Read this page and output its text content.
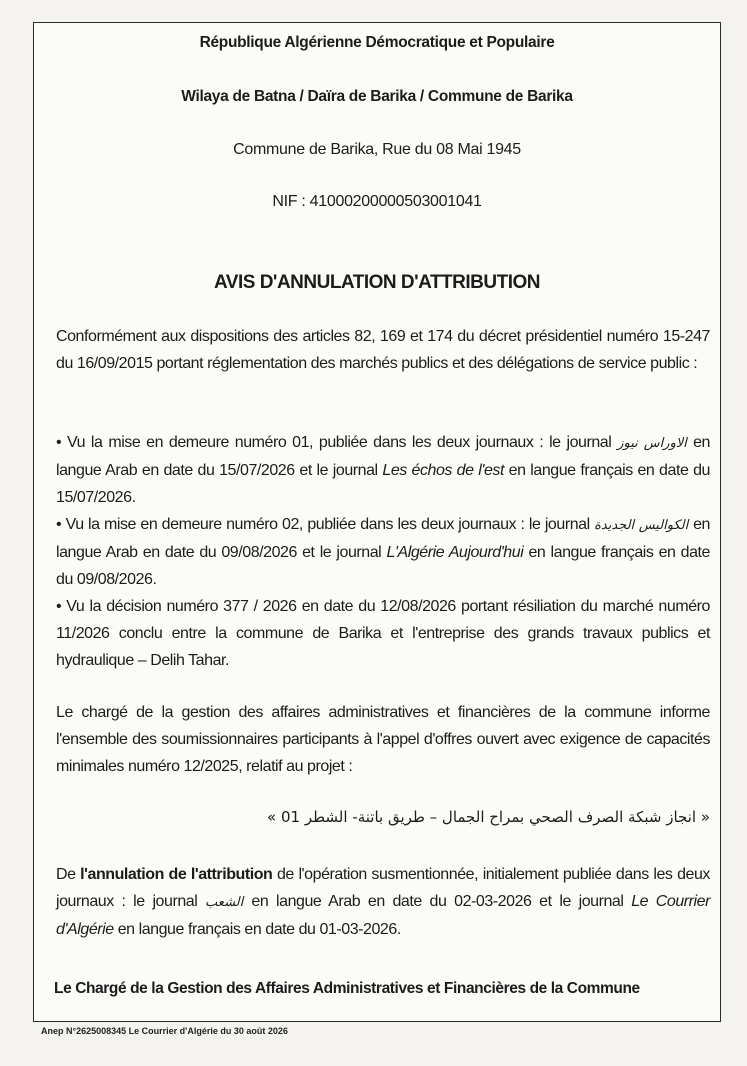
République Algérienne Démocratique et Populaire
Wilaya de Batna / Daïra de Barika / Commune de Barika
Commune de Barika, Rue du 08 Mai 1945
NIF : 41000200000503001041
AVIS D'ANNULATION D'ATTRIBUTION
Conformément aux dispositions des articles 82, 169 et 174 du décret présidentiel numéro 15-247 du 16/09/2015 portant réglementation des marchés publics et des délégations de service public :
• Vu la mise en demeure numéro 01, publiée dans les deux journaux : le journal الاوراس نيوز en langue Arab en date du 15/07/2026 et le journal Les échos de l'est en langue français en date du 15/07/2026.
• Vu la mise en demeure numéro 02, publiée dans les deux journaux : le journal الكواليس الجديدة en langue Arab en date du 09/08/2026 et le journal L'Algérie Aujourd'hui en langue français en date du 09/08/2026.
• Vu la décision numéro 377 / 2026 en date du 12/08/2026 portant résiliation du marché numéro 11/2026 conclu entre la commune de Barika et l'entreprise des grands travaux publics et hydraulique – Delih Tahar.
Le chargé de la gestion des affaires administratives et financières de la commune informe l'ensemble des soumissionnaires participants à l'appel d'offres ouvert avec exigence de capacités minimales numéro 12/2025, relatif au projet :
« انجاز شبكة الصرف الصحي بمراح الجمال – طريق باتنة- الشطر 01 »
De l'annulation de l'attribution de l'opération susmentionnée, initialement publiée dans les deux journaux : le journal الشعب en langue Arab en date du 02-03-2026 et le journal Le Courrier d'Algérie en langue français en date du 01-03-2026.
Le Chargé de la Gestion des Affaires Administratives et Financières de la Commune
Anep N°2625008345 Le Courrier d'Algérie du 30 août 2026
